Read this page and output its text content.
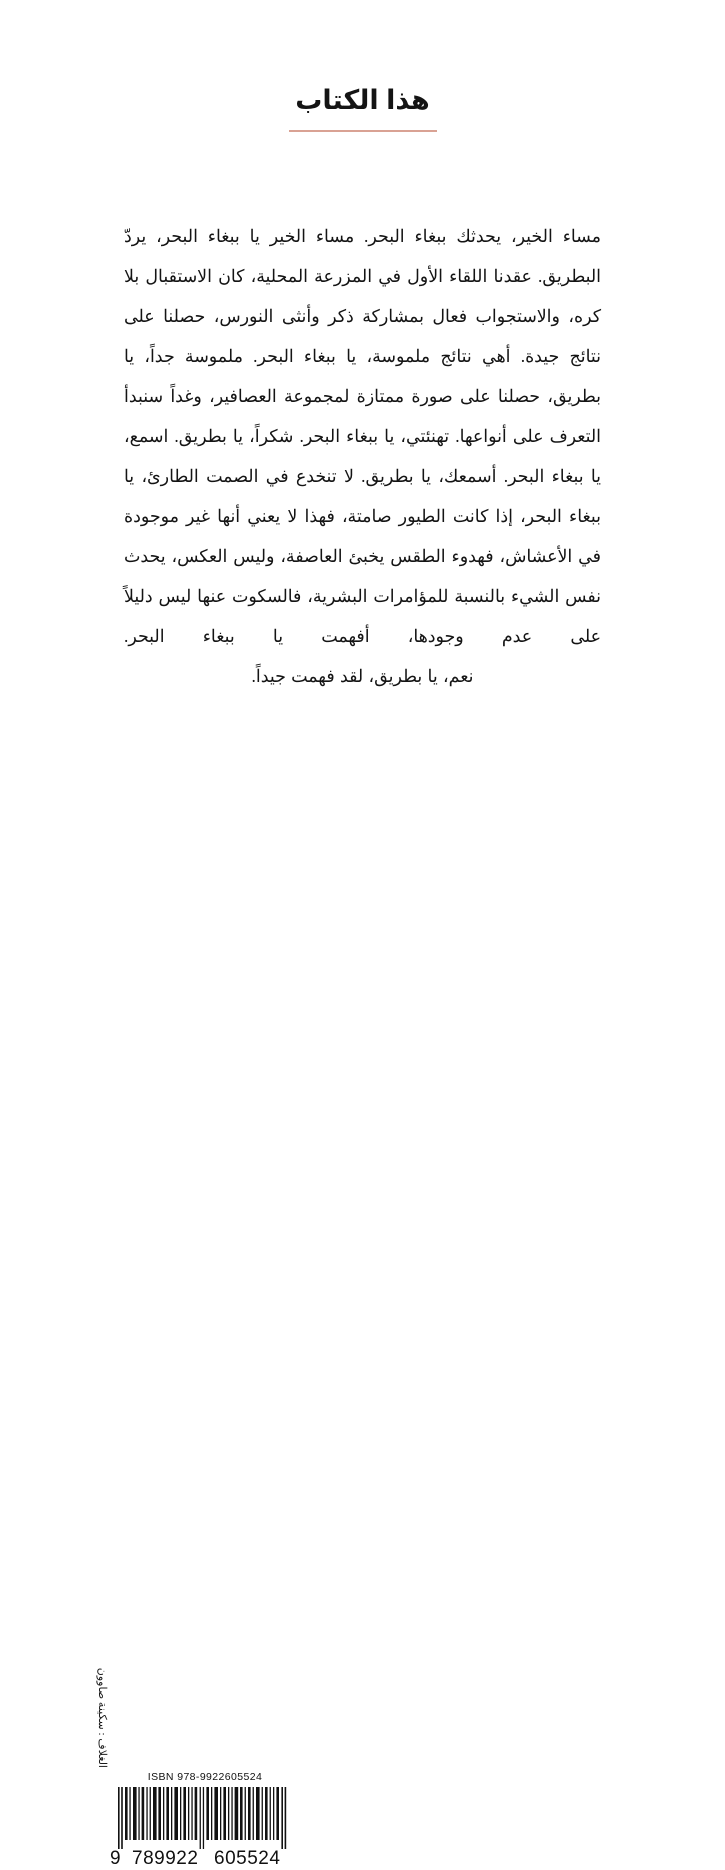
هذا الكتاب

مساء الخير، يحدثك ببغاء البحر. مساء الخير يا ببغاء البحر، يردّ البطريق. عقدنا اللقاء الأول في المزرعة المحلية، كان الاستقبال بلا كره، والاستجواب فعال بمشاركة ذكر وأنثى النورس، حصلنا على نتائج جيدة. أهي نتائج ملموسة، يا ببغاء البحر. ملموسة جداً، يا بطريق، حصلنا على صورة ممتازة لمجموعة العصافير، وغداً سنبدأ التعرف على أنواعها. تهنئتي، يا ببغاء البحر. شكراً، يا بطريق. اسمع، يا ببغاء البحر. أسمعك، يا بطريق. لا تنخدع في الصمت الطارئ، يا ببغاء البحر، إذا كانت الطيور صامتة، فهذا لا يعني أنها غير موجودة في الأعشاش، فهدوء الطقس يخبئ العاصفة، وليس العكس، يحدث نفس الشيء بالنسبة للمؤامرات البشرية، فالسكوت عنها ليس دليلاً على عدم وجودها، أفهمت يا ببغاء البحر.

نعم، يا بطريق، لقد فهمت جيداً.

الغلاف : سكينة صاوون
ISBN 978-9922605524
9 789922 605524
